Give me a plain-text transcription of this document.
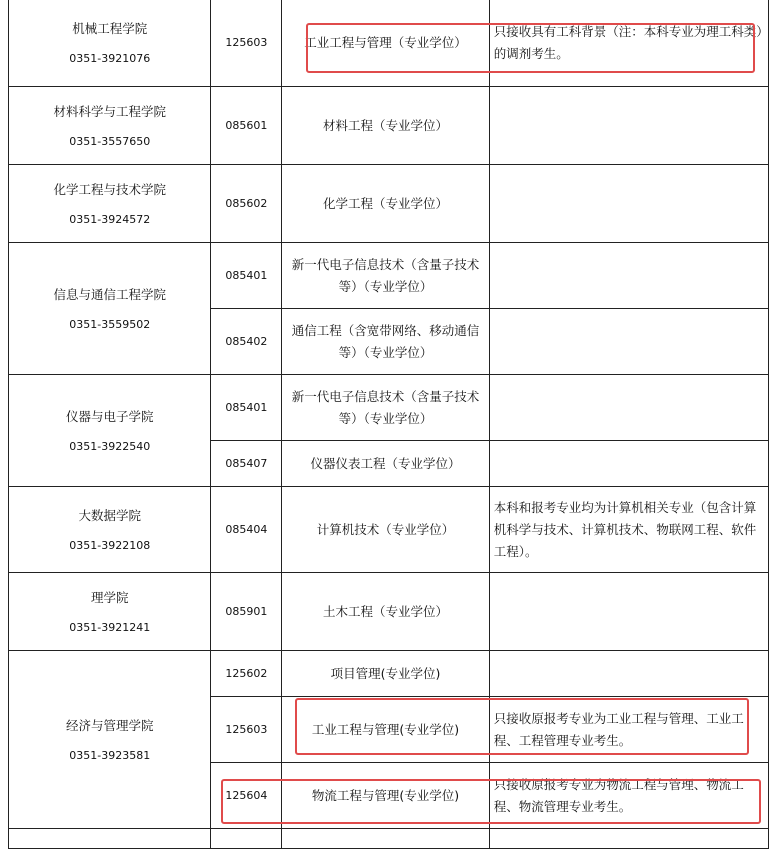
机械工程学院
0351-3921076	125603	工业工程与管理（专业学位）	只接收具有工科背景（注：本科专业为理工科类）的调剂考生。

材料科学与工程学院
0351-3557650	085601	材料工程（专业学位）	

化学工程与技术学院
0351-3924572	085602	化学工程（专业学位）	

信息与通信工程学院
0351-3559502	085401	新一代电子信息技术（含量子技术等）（专业学位）	
	085402	通信工程（含宽带网络、移动通信等）（专业学位）	

仪器与电子学院
0351-3922540	085401	新一代电子信息技术（含量子技术等）（专业学位）	
	085407	仪器仪表工程（专业学位）	

大数据学院
0351-3922108	085404	计算机技术（专业学位）	本科和报考专业均为计算机相关专业（包含计算机科学与技术、计算机技术、物联网工程、软件工程）。

理学院
0351-3921241	085901	土木工程（专业学位）	

经济与管理学院
0351-3923581	125602	项目管理(专业学位)	
	125603	工业工程与管理(专业学位)	只接收原报考专业为工业工程与管理、工业工程、工程管理专业考生。
	125604	物流工程与管理(专业学位)	只接收原报考专业为物流工程与管理、物流工程、物流管理专业考生。
